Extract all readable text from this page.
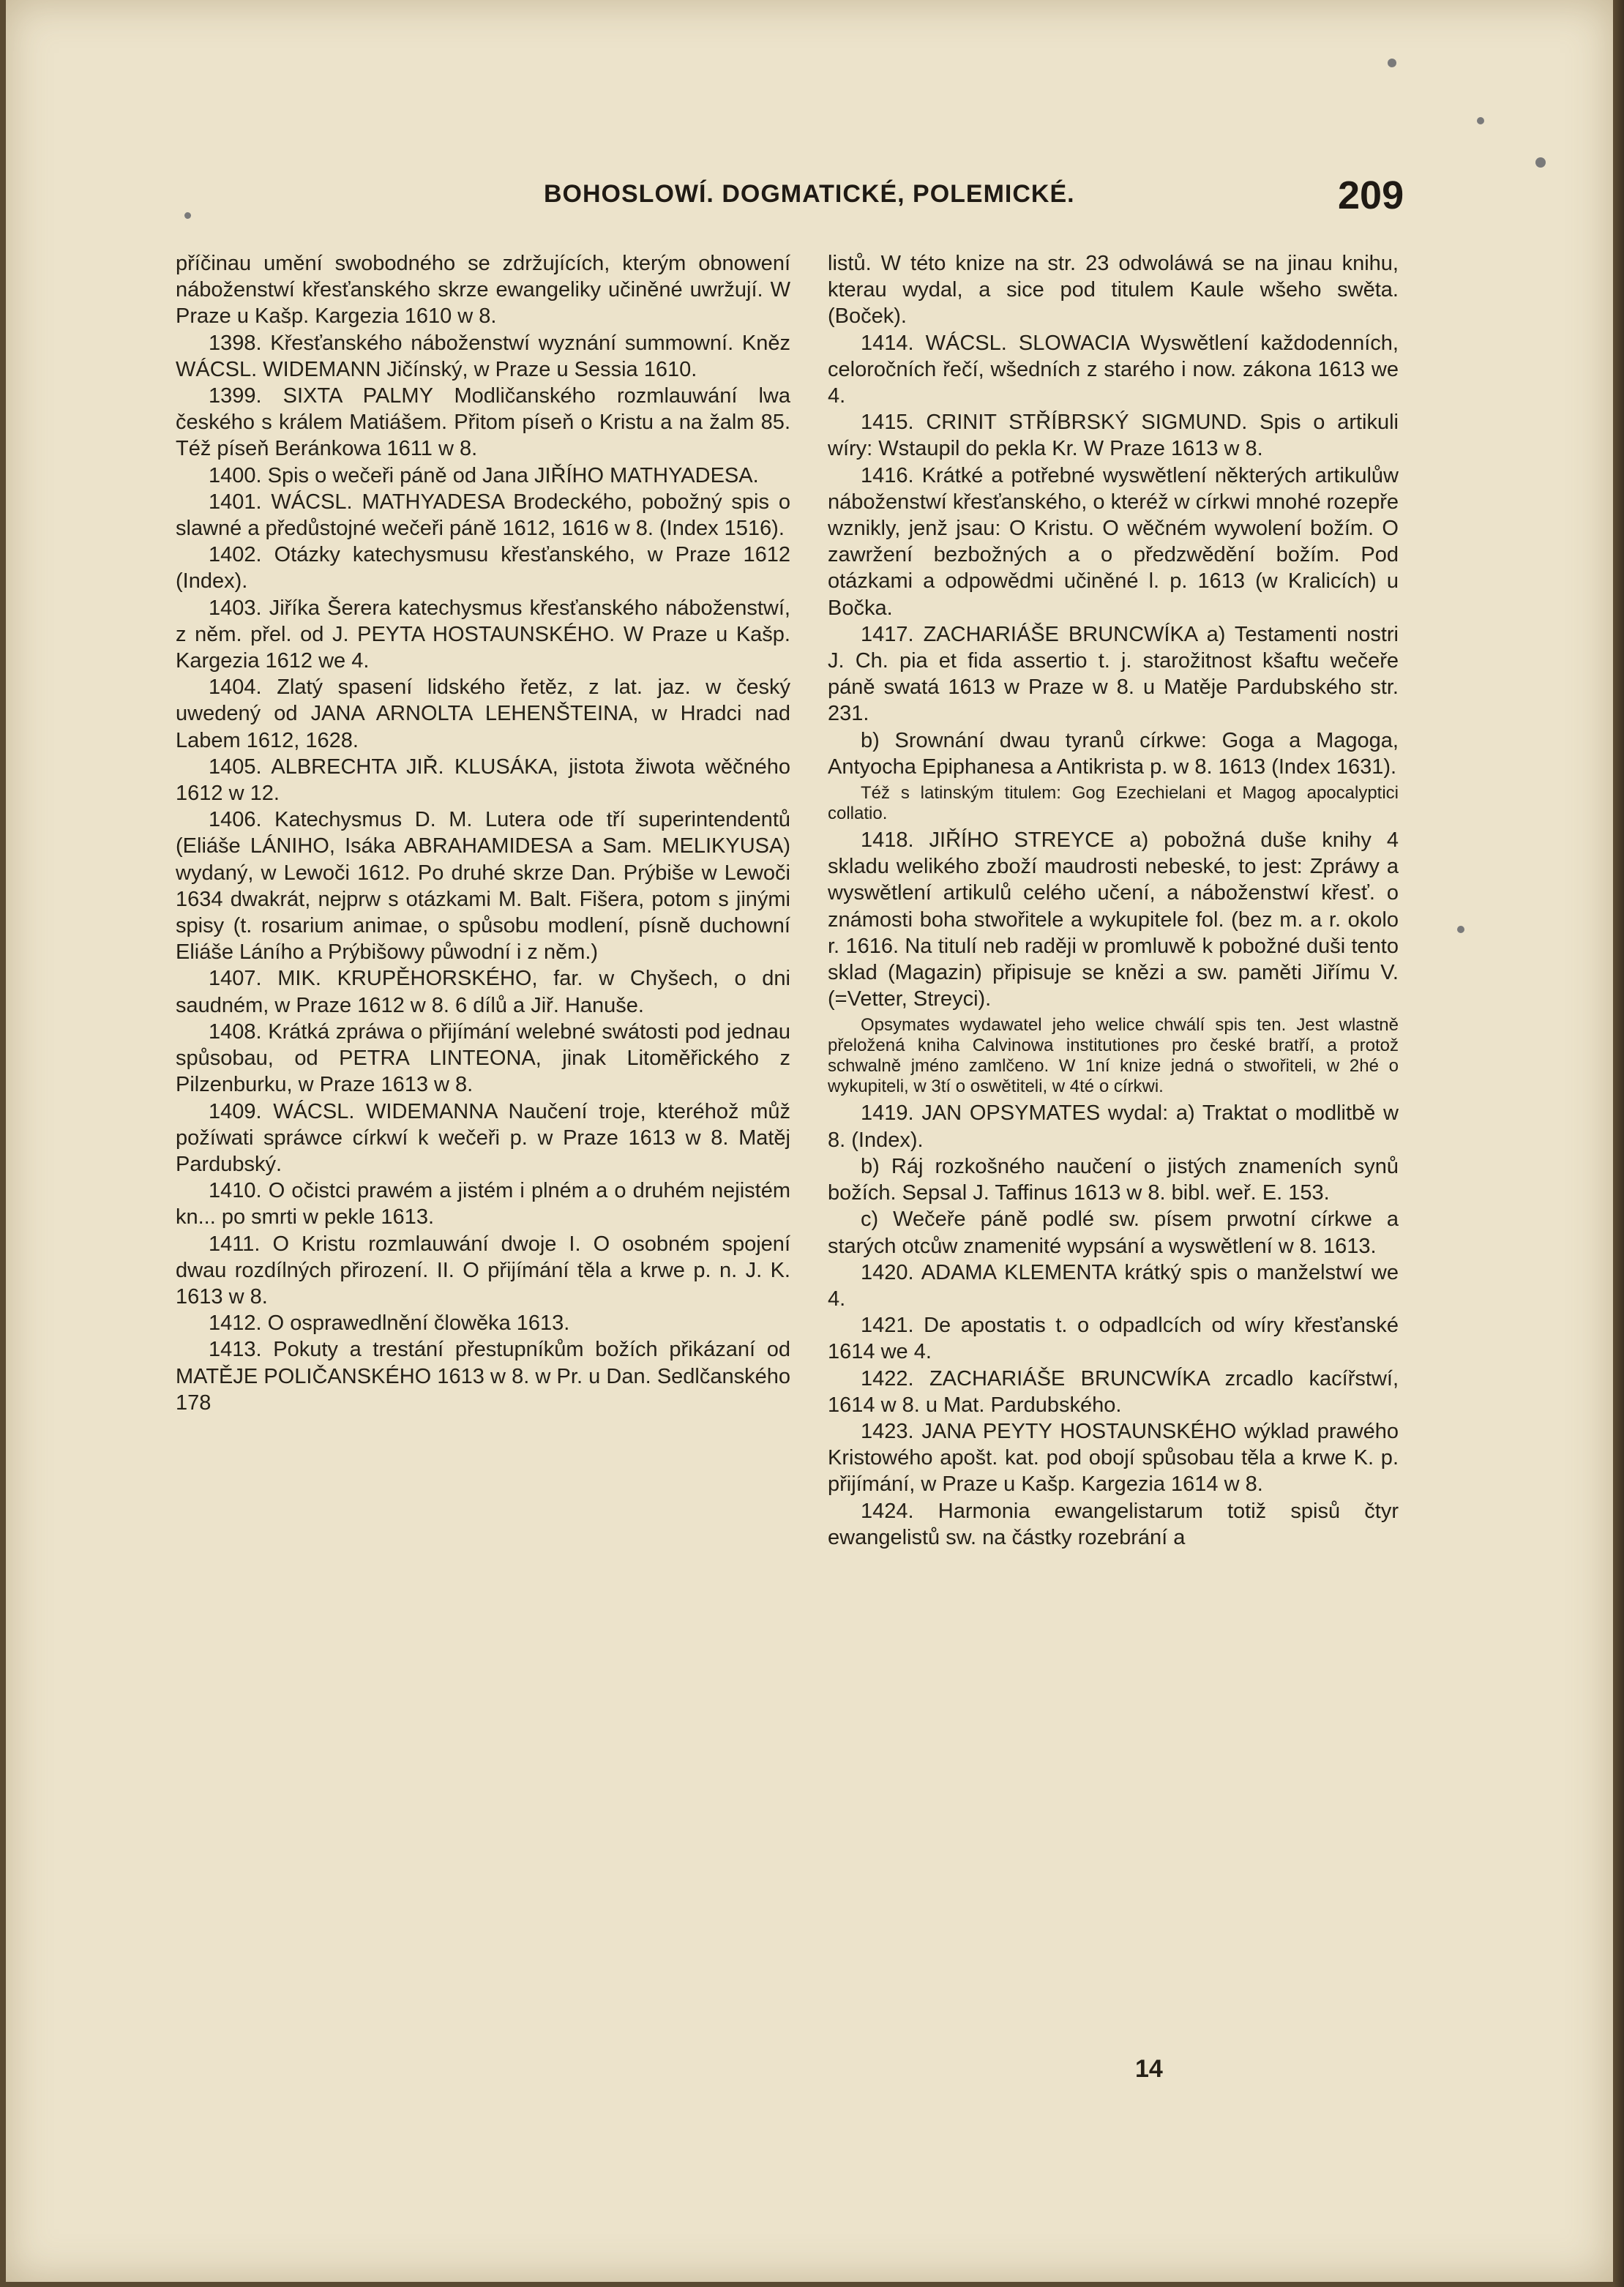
BOHOSLOWÍ. DOGMATICKÉ, POLEMICKÉ.	209

příčinau umění swobodného se zdržujících, kterým obnowení náboženstwí křesťanského skrze ewangeliky učiněné uwržují. W Praze u Kašp. Kargezia 1610 w 8.

1398. Křesťanského náboženstwí wyznání summowní. Kněz WÁCSL. WIDEMANN Jičínský, w Praze u Sessia 1610.

1399. SIXTA PALMY Modličanského rozmlauwání lwa českého s králem Matiášem. Přitom píseň o Kristu a na žalm 85. Též píseň Beránkowa 1611 w 8.

1400. Spis o wečeři páně od Jana JIŘÍHO MATHYADESA.

1401. WÁCSL. MATHYADESA Brodeckého, pobožný spis o slawné a předůstojné wečeři páně 1612, 1616 w 8. (Index 1516).

1402. Otázky katechysmusu křesťanského, w Praze 1612 (Index).

1403. Jiříka Šerera katechysmus křesťanského náboženstwí, z něm. přel. od J. PEYTA HOSTAUNSKÉHO. W Praze u Kašp. Kargezia 1612 we 4.

1404. Zlatý spasení lidského řetěz, z lat. jaz. w český uwedený od JANA ARNOLTA LEHENŠTEINA, w Hradci nad Labem 1612, 1628.

1405. ALBRECHTA JIŘ. KLUSÁKA, jistota žiwota wěčného 1612 w 12.

1406. Katechysmus D. M. Lutera ode tří superintendentů (Eliáše LÁNIHO, Isáka ABRAHAMIDESA a Sam. MELIKYUSA) wydaný, w Lewoči 1612. Po druhé skrze Dan. Prýbiše w Lewoči 1634 dwakrát, nejprw s otázkami M. Balt. Fišera, potom s jinými spisy (t. rosarium animae, o spůsobu modlení, písně duchowní Eliáše Láního a Prýbišowy půwodní i z něm.)

1407. MIK. KRUPĚHORSKÉHO, far. w Chyšech, o dni saudném, w Praze 1612 w 8. 6 dílů a Jiř. Hanuše.

1408. Krátká zpráwa o přijímání welebné swátosti pod jednau spůsobau, od PETRA LINTEONA, jinak Litoměřického z Pilzenburku, w Praze 1613 w 8.

1409. WÁCSL. WIDEMANNA Naučení troje, kteréhož můž požíwati spráwce církwí k wečeři p. w Praze 1613 w 8. Matěj Pardubský.

1410. O očistci prawém a jistém i plném a o druhém nejistém kn... po smrti w pekle 1613.

1411. O Kristu rozmlauwání dwoje I. O osobném spojení dwau rozdílných přirození. II. O přijímání těla a krwe p. n. J. K. 1613 w 8.

1412. O osprawedlnění člowěka 1613.

1413. Pokuty a trestání přestupníkům božích přikázaní od MATĚJE POLIČANSKÉHO 1613 w 8. w Pr. u Dan. Sedlčanského 178

listů. W této knize na str. 23 odwoláwá se na jinau knihu, kterau wydal, a sice pod titulem Kaule wšeho swěta. (Boček).

1414. WÁCSL. SLOWACIA Wyswětlení každodenních, celoročních řečí, wšedních z starého i now. zákona 1613 we 4.

1415. CRINIT STŘÍBRSKÝ SIGMUND. Spis o artikuli wíry: Wstaupil do pekla Kr. W Praze 1613 w 8.

1416. Krátké a potřebné wyswětlení některých artikulůw náboženstwí křesťanského, o kteréž w církwi mnohé rozepře wznikly, jenž jsau: O Kristu. O wěčném wywolení božím. O zawržení bezbožných a o předzwědění božím. Pod otázkami a odpowědmi učiněné l. p. 1613 (w Kralicích) u Bočka.

1417. ZACHARIÁŠE BRUNCWÍKA a) Testamenti nostri J. Ch. pia et fida assertio t. j. starožitnost kšaftu wečeře páně swatá 1613 w Praze w 8. u Matěje Pardubského str. 231.

b) Srownání dwau tyranů církwe: Goga a Magoga, Antyocha Epiphanesa a Antikrista p. w 8. 1613 (Index 1631).

Též s latinským titulem: Gog Ezechielani et Magog apocalyptici collatio.

1418. JIŘÍHO STREYCE a) pobožná duše knihy 4 skladu welikého zboží maudrosti nebeské, to jest: Zpráwy a wyswětlení artikulů celého učení, a náboženstwí křesť. o známosti boha stwořitele a wykupitele fol. (bez m. a r. okolo r. 1616. Na titulí neb raději w promluwě k pobožné duši tento sklad (Magazin) připisuje se knězi a sw. paměti Jiřímu V. (=Vetter, Streyci).

Opsymates wydawatel jeho welice chwálí spis ten. Jest wlastně přeložená kniha Calvinowa institutiones pro české bratří, a protož schwalně jméno zamlčeno. W 1ní knize jedná o stwořiteli, w 2hé o wykupiteli, w 3tí o oswětiteli, w 4té o církwi.

1419. JAN OPSYMATES wydal: a) Traktat o modlitbě w 8. (Index).

b) Ráj rozkošného naučení o jistých znameních synů božích. Sepsal J. Taffinus 1613 w 8. bibl. weř. E. 153.

c) Wečeře páně podlé sw. písem prwotní církwe a starých otcůw znamenité wypsání a wyswětlení w 8. 1613.

1420. ADAMA KLEMENTA krátký spis o manželstwí we 4.

1421. De apostatis t. o odpadlcích od wíry křesťanské 1614 we 4.

1422. ZACHARIÁŠE BRUNCWÍKA zrcadlo kacířstwí, 1614 w 8. u Mat. Pardubského.

1423. JANA PEYTY HOSTAUNSKÉHO wýklad prawého Kristowého apošt. kat. pod obojí spůsobau těla a krwe K. p. přijímání, w Praze u Kašp. Kargezia 1614 w 8.

1424. Harmonia ewangelistarum totiž spisů čtyr ewangelistů sw. na částky rozebrání a

14
